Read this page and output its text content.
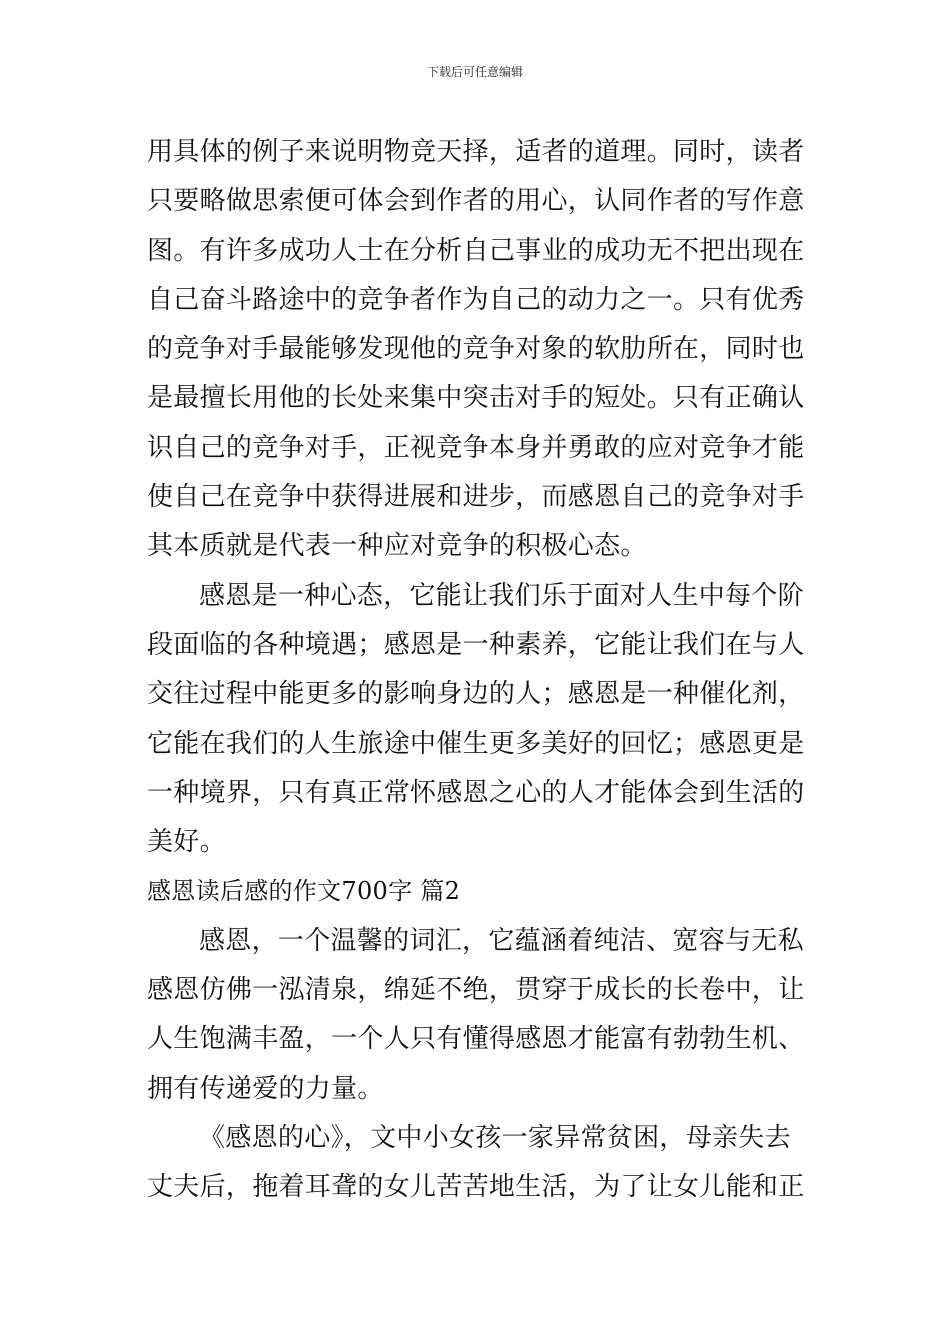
下载后可任意编辑
用具体的例子来说明物竞天择，适者的道理。同时，读者
只要略做思索便可体会到作者的用心，认同作者的写作意
图。有许多成功人士在分析自己事业的成功无不把出现在
自己奋斗路途中的竞争者作为自己的动力之一。只有优秀
的竞争对手最能够发现他的竞争对象的软肋所在，同时也
是最擅长用他的长处来集中突击对手的短处。只有正确认
识自己的竞争对手，正视竞争本身并勇敢的应对竞争才能
使自己在竞争中获得进展和进步，而感恩自己的竞争对手
其本质就是代表一种应对竞争的积极心态。
感恩是一种心态，它能让我们乐于面对人生中每个阶
段面临的各种境遇；感恩是一种素养，它能让我们在与人
交往过程中能更多的影响身边的人；感恩是一种催化剂，
它能在我们的人生旅途中催生更多美好的回忆；感恩更是
一种境界，只有真正常怀感恩之心的人才能体会到生活的
美好。
感恩读后感的作文700字 篇2
感恩，一个温馨的词汇，它蕴涵着纯洁、宽容与无私
感恩仿佛一泓清泉，绵延不绝，贯穿于成长的长卷中，让
人生饱满丰盈，一个人只有懂得感恩才能富有勃勃生机、
拥有传递爱的力量。
《感恩的心》，文中小女孩一家异常贫困，母亲失去
丈夫后，拖着耳聋的女儿苦苦地生活，为了让女儿能和正
